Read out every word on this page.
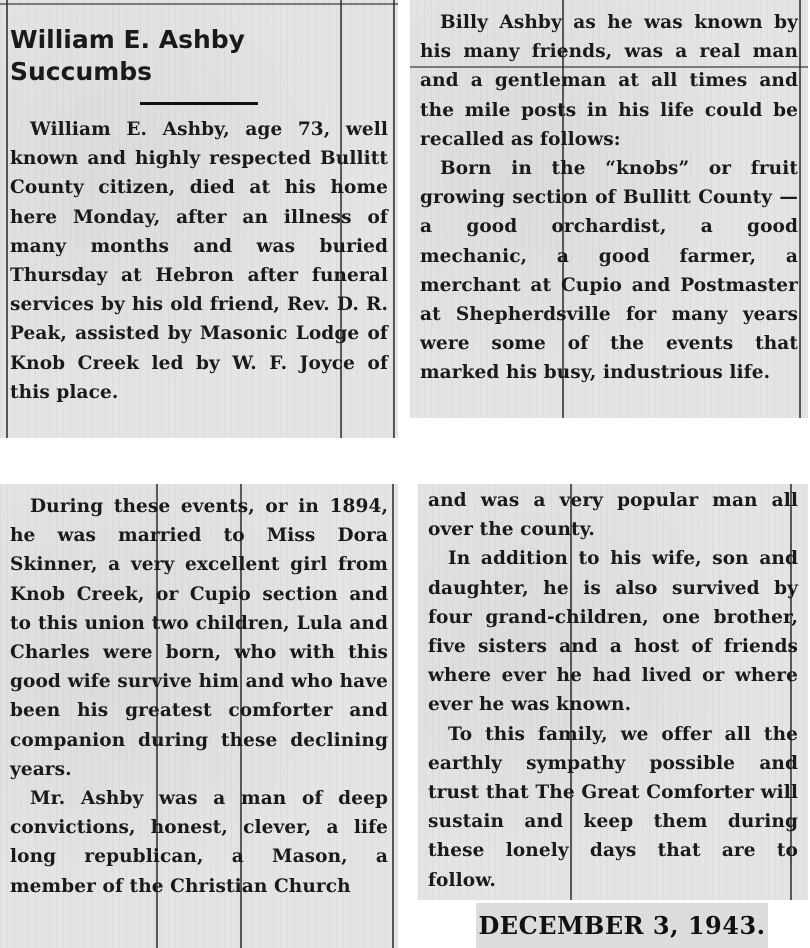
William E. Ashby
Succumbs

William E. Ashby, age 73, well known and highly respected Bullitt County citizen, died at his home here Monday, after an illness of many months and was buried Thursday at Hebron after funeral services by his old friend, Rev. D. R. Peak, assisted by Masonic Lodge of Knob Creek led by W. F. Joyce of this place.

Billy Ashby as he was known by his many friends, was a real man and a gentleman at all times and the mile posts in his life could be recalled as follows:

Born in the “knobs” or fruit growing section of Bullitt County —a good orchardist, a good mechanic, a good farmer, a merchant at Cupio and Postmaster at Shepherdsville for many years were some of the events that marked his busy, industrious life.

During these events, or in 1894, he was married to Miss Dora Skinner, a very excellent girl from Knob Creek, or Cupio section and to this union two children, Lula and Charles were born, who with this good wife survive him and who have been his greatest comforter and companion during these declining years.

Mr. Ashby was a man of deep convictions, honest, clever, a life long republican, a Mason, a member of the Christian Church

and was a very popular man all over the county.

In addition to his wife, son and daughter, he is also survived by four grand-children, one brother, five sisters and a host of friends where ever he had lived or where ever he was known.

To this family, we offer all the earthly sympathy possible and trust that The Great Comforter will sustain and keep them during these lonely days that are to follow.

DECEMBER 3, 1943.
